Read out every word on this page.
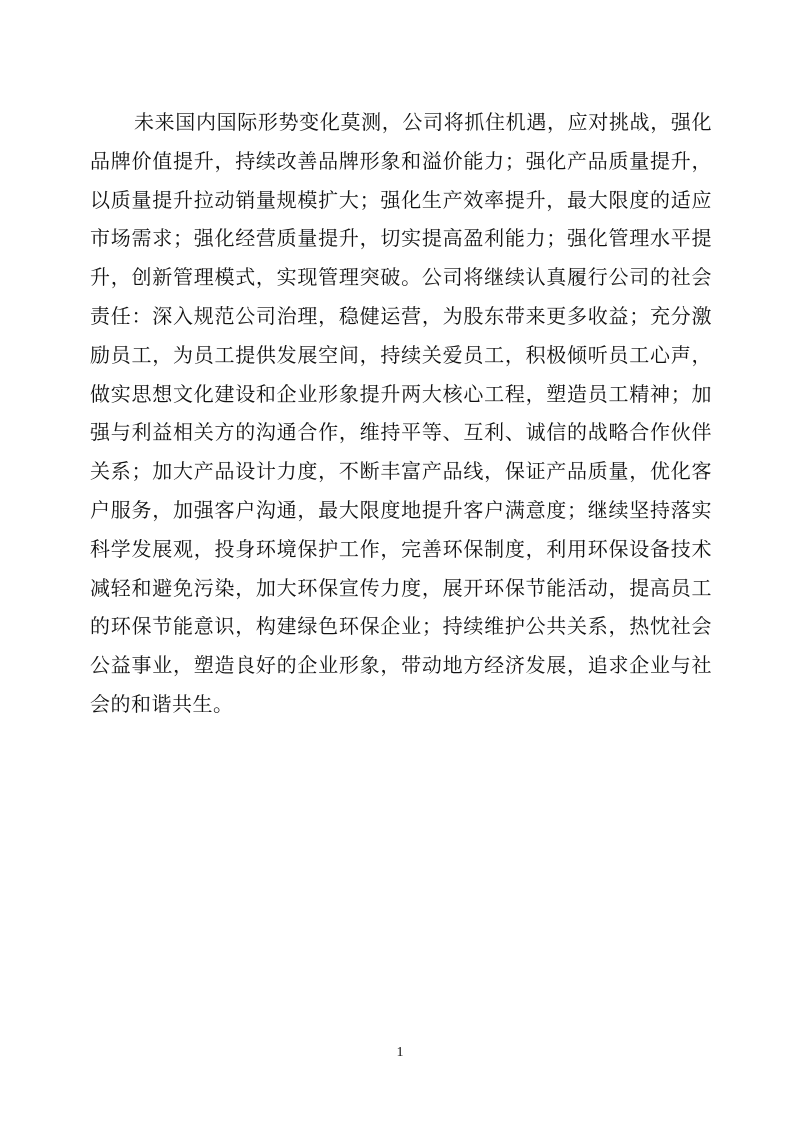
未来国内国际形势变化莫测，公司将抓住机遇，应对挑战，强化品牌价值提升，持续改善品牌形象和溢价能力；强化产品质量提升，以质量提升拉动销量规模扩大；强化生产效率提升，最大限度的适应市场需求；强化经营质量提升，切实提高盈利能力；强化管理水平提升，创新管理模式，实现管理突破。公司将继续认真履行公司的社会责任：深入规范公司治理，稳健运营，为股东带来更多收益；充分激励员工，为员工提供发展空间，持续关爱员工，积极倾听员工心声，做实思想文化建设和企业形象提升两大核心工程，塑造员工精神；加强与利益相关方的沟通合作，维持平等、互利、诚信的战略合作伙伴关系；加大产品设计力度，不断丰富产品线，保证产品质量，优化客户服务，加强客户沟通，最大限度地提升客户满意度；继续坚持落实科学发展观，投身环境保护工作，完善环保制度，利用环保设备技术减轻和避免污染，加大环保宣传力度，展开环保节能活动，提高员工的环保节能意识，构建绿色环保企业；持续维护公共关系，热忱社会公益事业，塑造良好的企业形象，带动地方经济发展，追求企业与社会的和谐共生。

1
